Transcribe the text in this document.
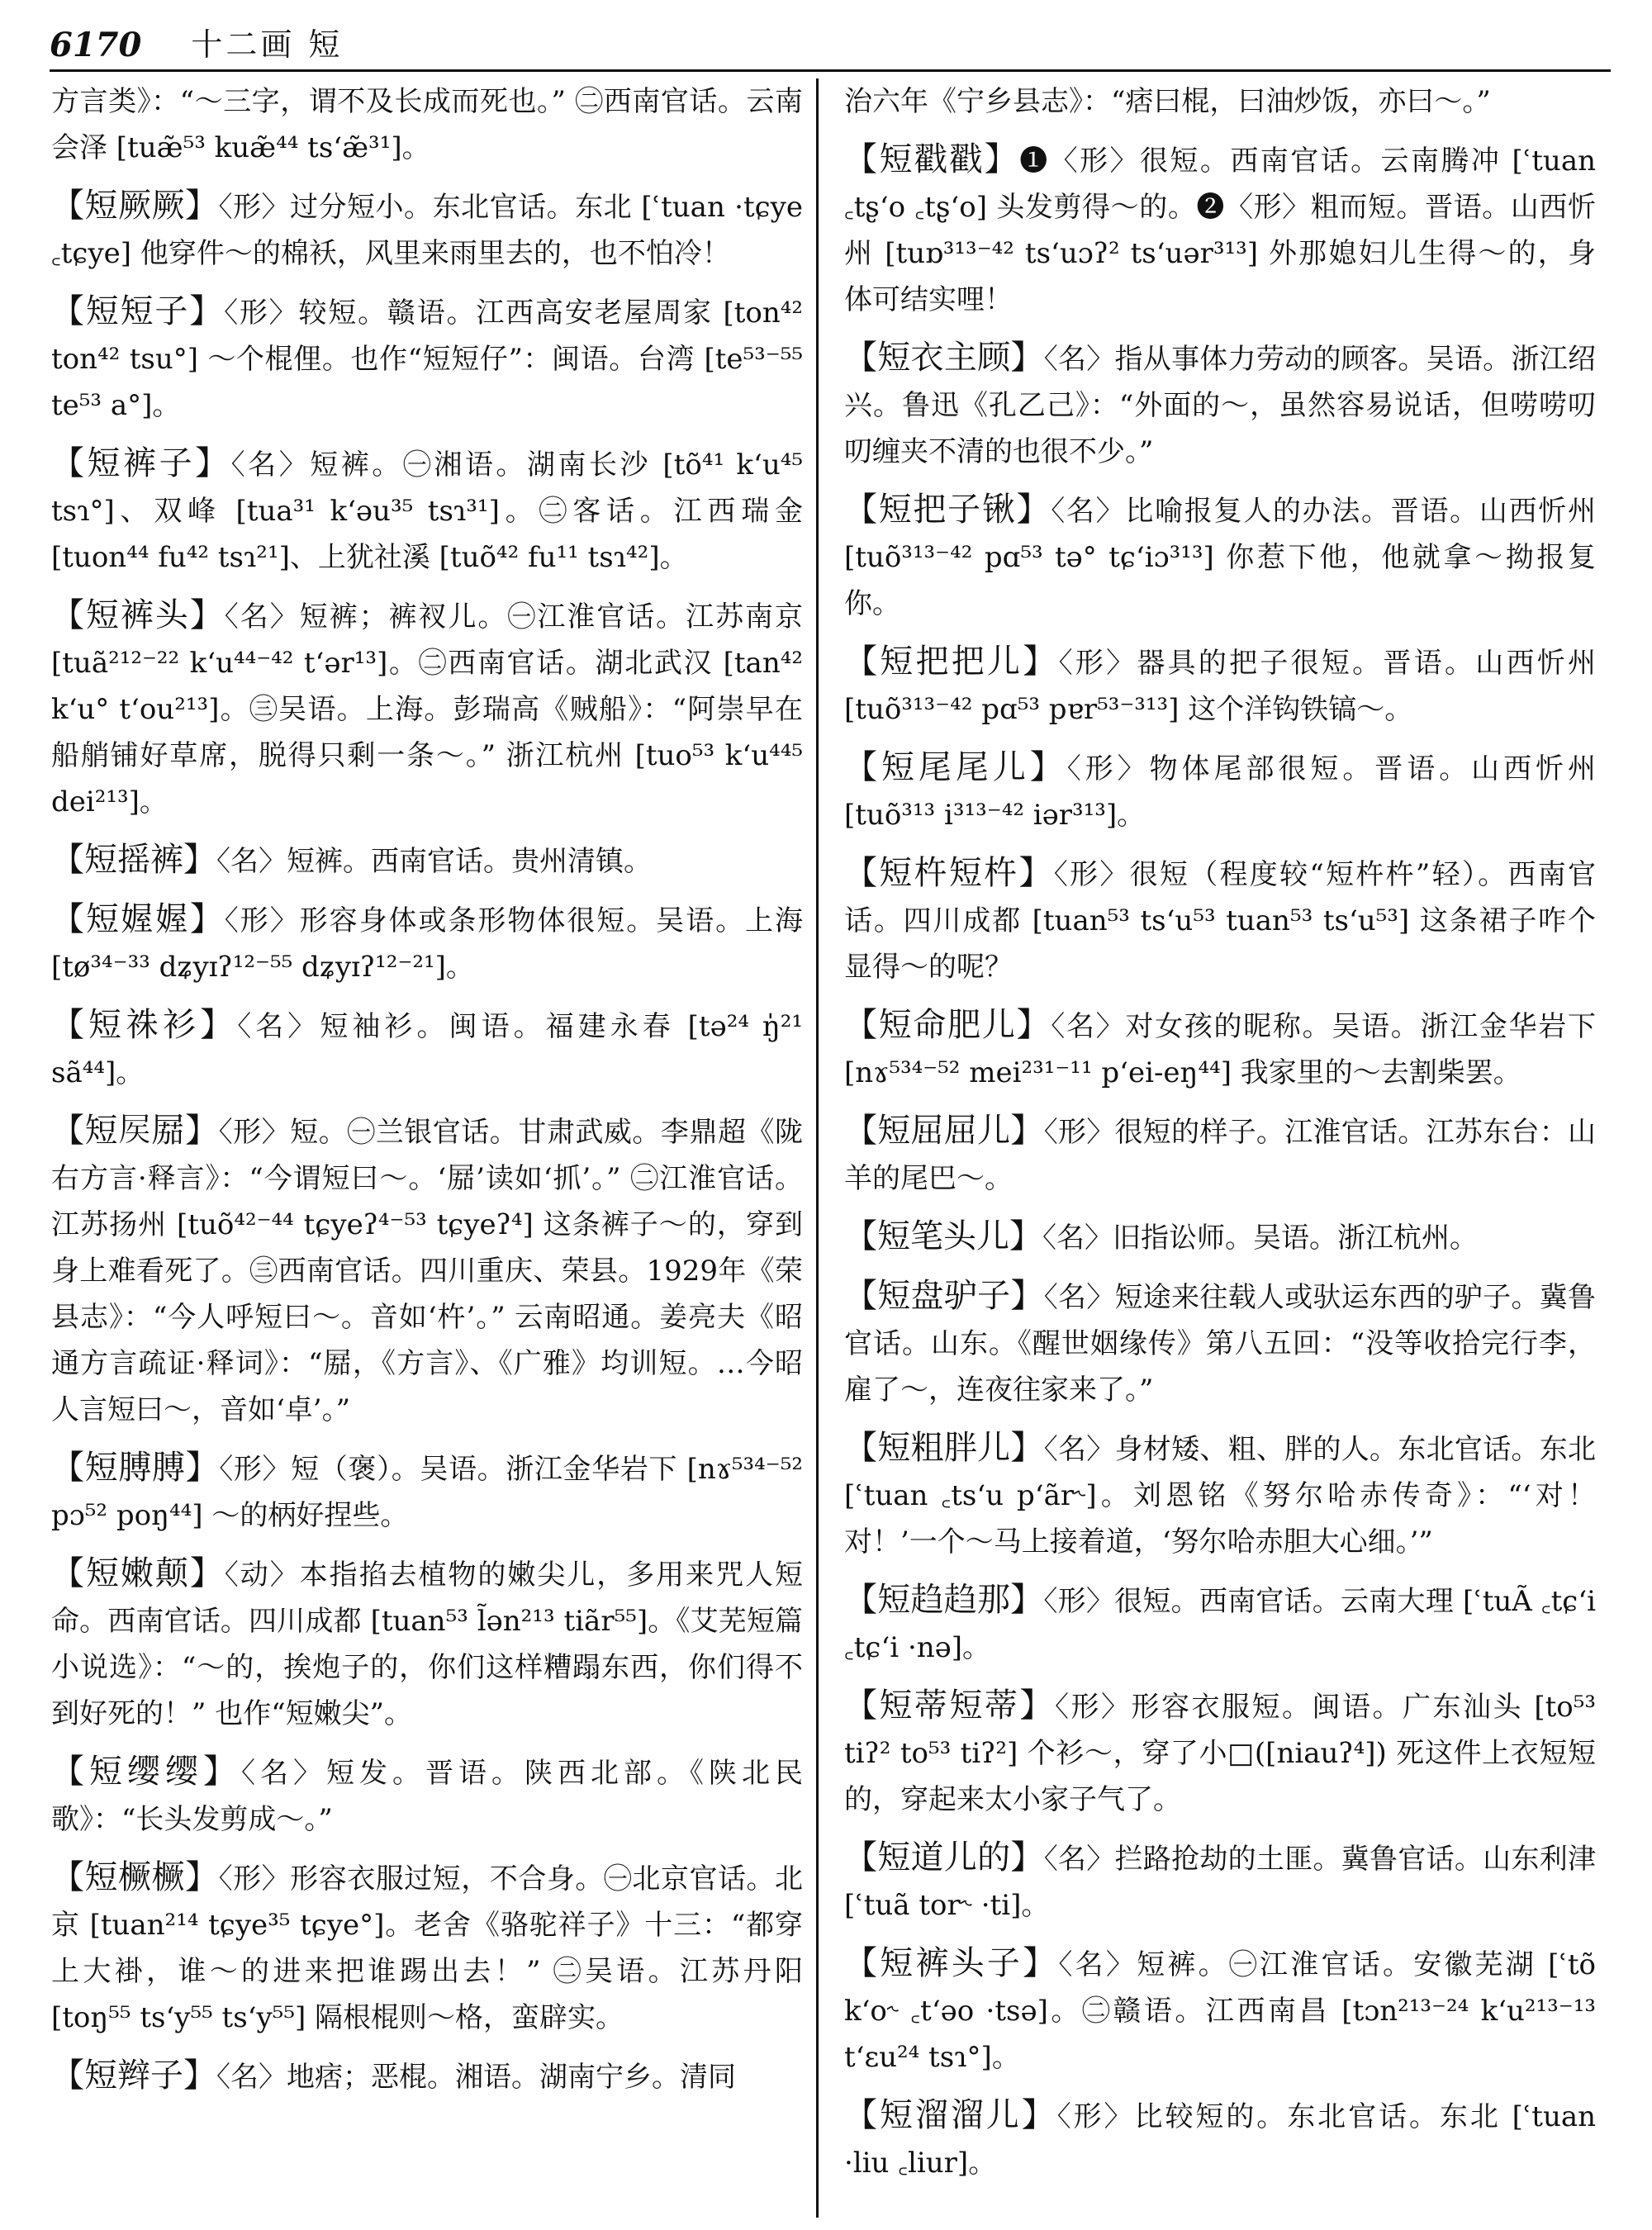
6170 十二画 短
方言类》：“～三字，谓不及长成而死也。” ㊁西南官话。云南会泽 [tuæ̃⁵³ kuæ̃⁴⁴ tsʻæ̃³¹]。
【短厥厥】〈形〉过分短小。东北官话。东北 [ʿtuan ·tɕye ꜀tɕye] 他穿件～的棉袄，风里来雨里去的，也不怕冷！
【短短子】〈形〉较短。赣语。江西高安老屋周家 [ton⁴² ton⁴² tsu°] ～个棍俚。也作“短短仔”：闽语。台湾 [te⁵³⁻⁵⁵ te⁵³ a°]。
【短裤子】〈名〉短裤。㊀湘语。湖南长沙 [tõ⁴¹ kʻu⁴⁵ tsɿ°]、双峰 [tua³¹ kʻəu³⁵ tsɿ³¹]。㊁客话。江西瑞金 [tuon⁴⁴ fu⁴² tsɿ²¹]、上犹社溪 [tuõ⁴² fu¹¹ tsɿ⁴²]。
【短裤头】〈名〉短裤；裤衩儿。㊀江淮官话。江苏南京 [tuã²¹²⁻²² kʻu⁴⁴⁻⁴² tʻər¹³]。㊁西南官话。湖北武汉 [tan⁴² kʻu° tʻou²¹³]。㊂吴语。上海。彭瑞高《贼船》：“阿崇早在船艄铺好草席，脱得只剩一条～。” 浙江杭州 [tuo⁵³ kʻu⁴⁴⁵ dei²¹³]。
【短摇裤】〈名〉短裤。西南官话。贵州清镇。
【短媉媉】〈形〉形容身体或条形物体很短。吴语。上海 [tø³⁴⁻³³ dʑyɪʔ¹²⁻⁵⁵ dʑyɪʔ¹²⁻²¹]。
【短祩衫】〈名〉短袖衫。闽语。福建永春 [tə²⁴ ŋ̍²¹ sã⁴⁴]。
【短𡱁𡲢】〈形〉短。㊀兰银官话。甘肃武威。李鼎超《陇右方言·释言》：“今谓短曰～。‘𡲢’读如‘抓’。” ㊁江淮官话。江苏扬州 [tuõ⁴²⁻⁴⁴ tɕyeʔ⁴⁻⁵³ tɕyeʔ⁴] 这条裤子～的，穿到身上难看死了。㊂西南官话。四川重庆、荣县。1929年《荣县志》：“今人呼短曰～。音如‘杵’。” 云南昭通。姜亮夫《昭通方言疏证·释词》：“𡲢，《方言》、《广雅》均训短。…今昭人言短曰～，音如‘卓’。”
【短膊膊】〈形〉短（褒）。吴语。浙江金华岩下 [nɤ⁵³⁴⁻⁵² pɔ⁵² poŋ⁴⁴] ～的柄好捏些。
【短嫩颠】〈动〉本指掐去植物的嫩尖儿，多用来咒人短命。西南官话。四川成都 [tuan⁵³ l̃ən²¹³ tiãr⁵⁵]。《艾芜短篇小说选》：“～的，挨炮子的，你们这样糟蹋东西，你们得不到好死的！” 也作“短嫩尖”。
【短缨缨】〈名〉短发。晋语。陕西北部。《陕北民歌》：“长头发剪成～。”
【短橛橛】〈形〉形容衣服过短，不合身。㊀北京官话。北京 [tuan²¹⁴ tɕye³⁵ tɕye°]。老舍《骆驼祥子》十三：“都穿上大褂，谁～的进来把谁踢出去！” ㊁吴语。江苏丹阳 [toŋ⁵⁵ tsʻy⁵⁵ tsʻy⁵⁵] 隔根棍则～格，蛮辟实。
【短辫子】〈名〉地痞；恶棍。湘语。湖南宁乡。清同
治六年《宁乡县志》：“痞曰棍，曰油炒饭，亦曰～。”
【短戳戳】❶〈形〉很短。西南官话。云南腾冲 [ʿtuan ꜀tʂʻo ꜀tʂʻo] 头发剪得～的。❷〈形〉粗而短。晋语。山西忻州 [tuɒ³¹³⁻⁴² tsʻuɔʔ² tsʻuər³¹³] 外那媳妇儿生得～的，身体可结实哩！
【短衣主顾】〈名〉指从事体力劳动的顾客。吴语。浙江绍兴。鲁迅《孔乙己》：“外面的～，虽然容易说话，但唠唠叨叨缠夹不清的也很不少。”
【短把子锹】〈名〉比喻报复人的办法。晋语。山西忻州 [tuõ³¹³⁻⁴² pɑ⁵³ tə° tɕʻiɔ³¹³] 你惹下他，他就拿～拗报复你。
【短把把儿】〈形〉器具的把子很短。晋语。山西忻州 [tuõ³¹³⁻⁴² pɑ⁵³ pɐr⁵³⁻³¹³] 这个洋钩铁镐～。
【短尾尾儿】〈形〉物体尾部很短。晋语。山西忻州 [tuõ³¹³ i³¹³⁻⁴² iər³¹³]。
【短杵短杵】〈形〉很短（程度较“短杵杵”轻）。西南官话。四川成都 [tuan⁵³ tsʻu⁵³ tuan⁵³ tsʻu⁵³] 这条裙子咋个显得～的呢？
【短命肥儿】〈名〉对女孩的昵称。吴语。浙江金华岩下 [nɤ⁵³⁴⁻⁵² mei²³¹⁻¹¹ pʻei-eŋ⁴⁴] 我家里的～去割柴罢。
【短屈屈儿】〈形〉很短的样子。江淮官话。江苏东台：山羊的尾巴～。
【短笔头儿】〈名〉旧指讼师。吴语。浙江杭州。
【短盘驴子】〈名〉短途来往载人或驮运东西的驴子。冀鲁官话。山东。《醒世姻缘传》第八五回：“没等收拾完行李，雇了～，连夜往家来了。”
【短粗胖儿】〈名〉身材矮、粗、胖的人。东北官话。东北 [ʿtuan ꜀tsʻu pʻãr˞]。刘恩铭《努尔哈赤传奇》：“‘对！对！’一个～马上接着道，‘努尔哈赤胆大心细。’”
【短趋趋那】〈形〉很短。西南官话。云南大理 [ʿtuÃ ꜀tɕʻi ꜀tɕʻi ·nə]。
【短蒂短蒂】〈形〉形容衣服短。闽语。广东汕头 [to⁵³ tiʔ² to⁵³ tiʔ²] 个衫～，穿了小□([niauʔ⁴]) 死这件上衣短短的，穿起来太小家子气了。
【短道儿的】〈名〉拦路抢劫的土匪。冀鲁官话。山东利津 [ʿtuã tor˞ ·ti]。
【短裤头子】〈名〉短裤。㊀江淮官话。安徽芜湖 [ʿtõ kʻo˞ ꜀tʻəo ·tsə]。㊁赣语。江西南昌 [tɔn²¹³⁻²⁴ kʻu²¹³⁻¹³ tʻɛu²⁴ tsɿ°]。
【短溜溜儿】〈形〉比较短的。东北官话。东北 [ʿtuan ·liu ꜀liur]。
